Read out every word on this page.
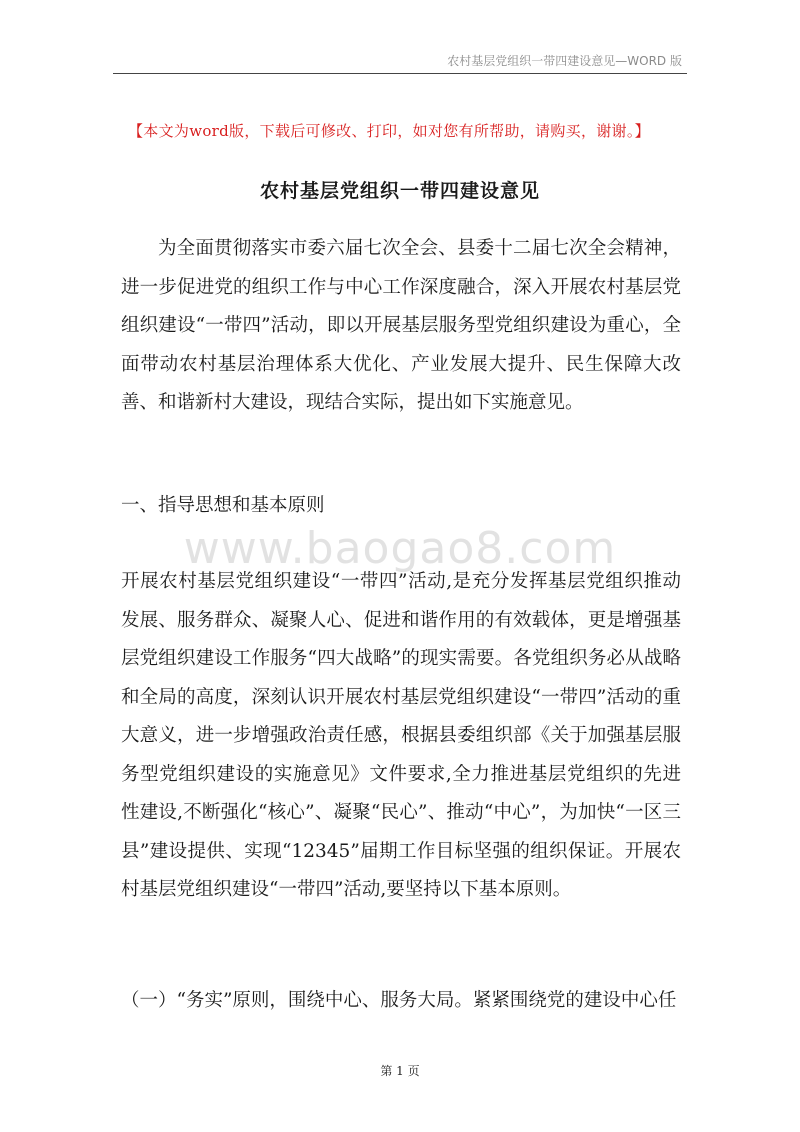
农村基层党组织一带四建设意见—WORD 版
【本文为word版，下载后可修改、打印，如对您有所帮助，请购买，谢谢。】
农村基层党组织一带四建设意见

为全面贯彻落实市委六届七次全会、县委十二届七次全会精神，进一步促进党的组织工作与中心工作深度融合，深入开展农村基层党组织建设“一带四”活动，即以开展基层服务型党组织建设为重心，全面带动农村基层治理体系大优化、产业发展大提升、民生保障大改善、和谐新村大建设，现结合实际，提出如下实施意见。

一、指导思想和基本原则
www.baogao8.com

开展农村基层党组织建设“一带四”活动,是充分发挥基层党组织推动发展、服务群众、凝聚人心、促进和谐作用的有效载体，更是增强基层党组织建设工作服务“四大战略”的现实需要。各党组织务必从战略和全局的高度，深刻认识开展农村基层党组织建设“一带四”活动的重大意义，进一步增强政治责任感，根据县委组织部《关于加强基层服务型党组织建设的实施意见》文件要求,全力推进基层党组织的先进性建设,不断强化“核心”、凝聚“民心”、推动“中心”，为加快“一区三县”建设提供、实现“12345”届期工作目标坚强的组织保证。开展农村基层党组织建设“一带四”活动,要坚持以下基本原则。

（一）“务实”原则，围绕中心、服务大局。紧紧围绕党的建设中心任

第 1 页
